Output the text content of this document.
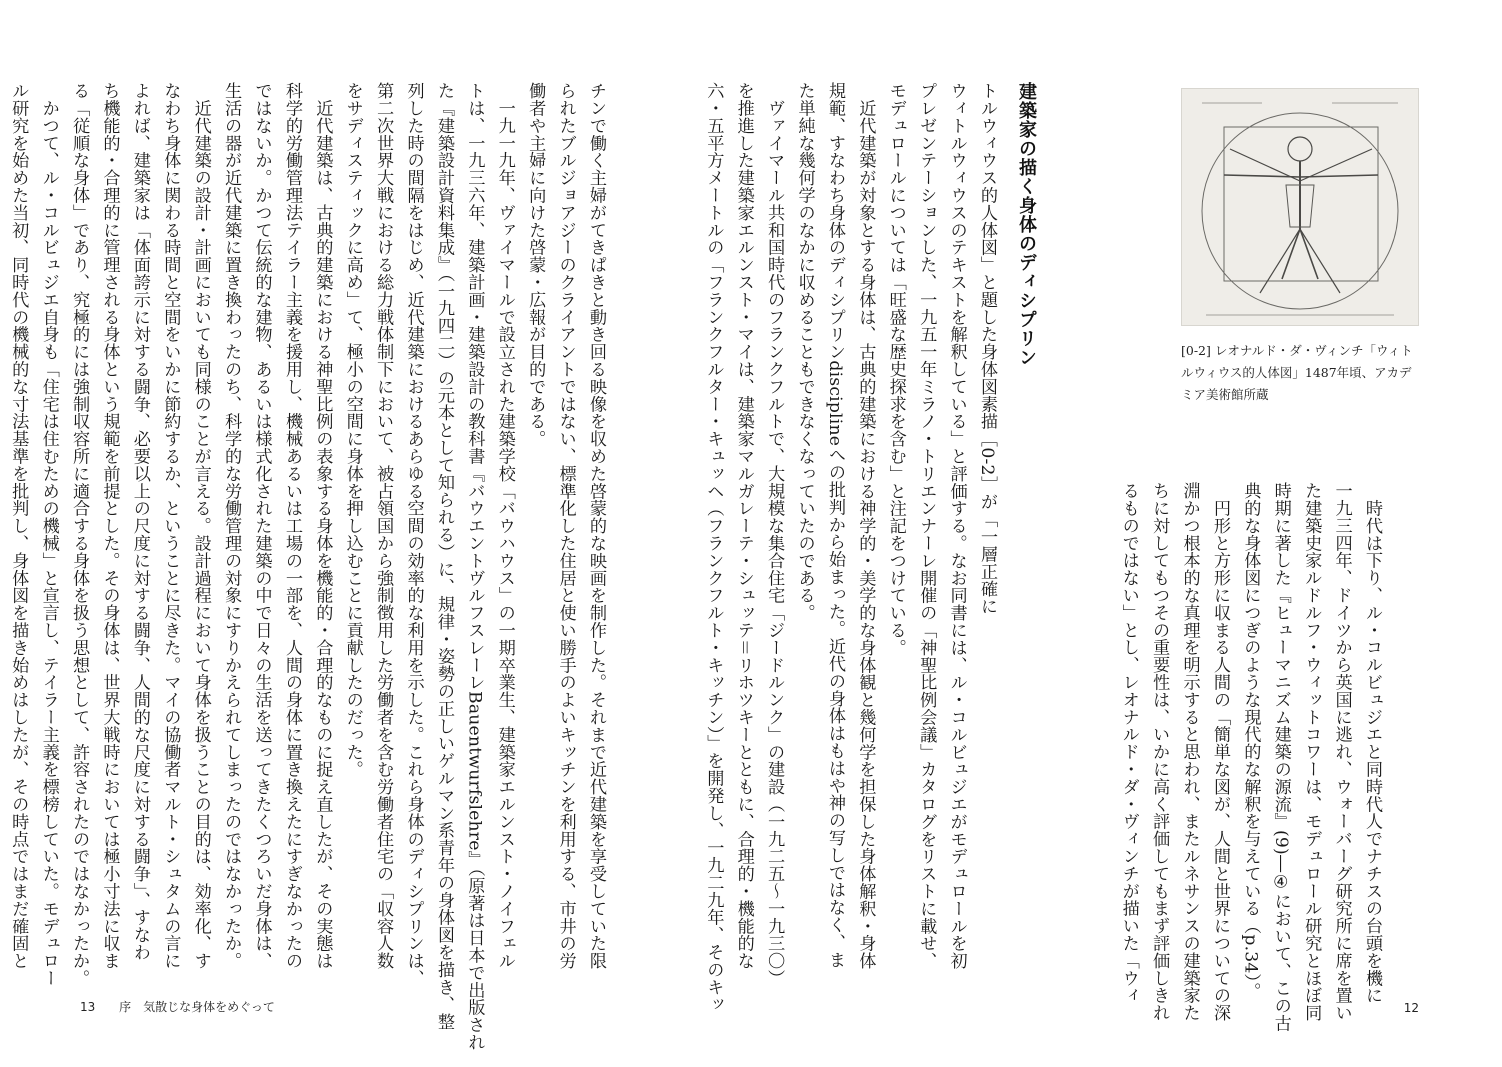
チンで働く主婦がてきぱきと動き回る映像を収めた啓蒙的な映画を制作した。それまで近代建築を享受していた限
られたブルジョアジーのクライアントではない、標準化した住居と使い勝手のよいキッチンを利用する、市井の労
働者や主婦に向けた啓蒙・広報が目的である。
　一九一九年、ヴァイマールで設立された建築学校「バウハウス」の一期卒業生、建築家エルンスト・ノイフェル
トは、一九三六年、建築計画・建築設計の教科書『バウエントヴルフスレーレBauentwurfslehre』（原著は日本で出版され
た『建築設計資料集成』（一九四二）の元本として知られる）に、規律・姿勢の正しいゲルマン系青年の身体図を描き、整
列した時の間隔をはじめ、近代建築におけるあらゆる空間の効率的な利用を示した。これら身体のディシプリンは、
第二次世界大戦における総力戦体制下において、被占領国から強制徴用した労働者を含む労働者住宅の「収容人数
をサディスティックに高め」て、極小の空間に身体を押し込むことに貢献したのだった。
　近代建築は、古典的建築における神聖比例の表象する身体を機能的・合理的なものに捉え直したが、その実態は
科学的労働管理法テイラー主義を援用し、機械あるいは工場の一部を、人間の身体に置き換えたにすぎなかったの
ではないか。かつて伝統的な建物、あるいは様式化された建築の中で日々の生活を送ってきたくつろいだ身体は、
生活の器が近代建築に置き換わったのち、科学的な労働管理の対象にすりかえられてしまったのではなかったか。
　近代建築の設計・計画においても同様のことが言える。設計過程において身体を扱うことの目的は、効率化、す
なわち身体に関わる時間と空間をいかに節約するか、ということに尽きた。マイの協働者マルト・シュタムの言に
よれば、建築家は「体面誇示に対する闘争、必要以上の尺度に対する闘争、人間的な尺度に対する闘争」、すなわ
ち機能的・合理的に管理される身体という規範を前提とした。その身体は、世界大戦時においては極小寸法に収ま
る「従順な身体」であり、究極的には強制収容所に適合する身体を扱う思想として、許容されたのではなかったか。
　かつて、ル・コルビュジエ自身も「住宅は住むための機械」と宣言し、テイラー主義を標榜していた。モデュロー
ル研究を始めた当初、同時代の機械的な寸法基準を批判し、身体図を描き始めはしたが、その時点ではまだ確固と
13 序　気散じな身体をめぐって
[0-2] レオナルド・ダ・ヴィンチ「ウィトルウィウス的人体図」1487年頃、アカデミア美術館所蔵
　時代は下り、ル・コルビュジエと同時代人でナチスの台頭を機に
一九三四年、ドイツから英国に逃れ、ウォーバーグ研究所に席を置い
た建築史家ルドルフ・ウィットコワーは、モデュロール研究とほぼ同
時期に著した『ヒューマニズム建築の源流』(9)―④において、この古
典的な身体図につぎのような現代的な解釈を与えている（p.34）。
　円形と方形に収まる人間の「簡単な図が、人間と世界についての深
淵かつ根本的な真理を明示すると思われ、またルネサンスの建築家た
ちに対してもつその重要性は、いかに高く評価してもまず評価しきれ
るものではない」とし、レオナルド・ダ・ヴィンチが描いた「ウィ
トルウィウス的人体図」と題した身体図素描［0-2］が「一層正確に
ウィトルウィウスのテキストを解釈している」と評価する。なお同書には、ル・コルビュジエがモデュロールを初
プレゼンテーションした、一九五一年ミラノ・トリエンナーレ開催の「神聖比例会議」カタログをリストに載せ、
モデュロールについては「旺盛な歴史探求を含む」と注記をつけている。
　近代建築が対象とする身体は、古典的建築における神学的・美学的な身体観と幾何学を担保した身体解釈・身体
規範、すなわち身体のディシプリンdisciplineへの批判から始まった。近代の身体はもはや神の写しではなく、ま
た単純な幾何学のなかに収めることもできなくなっていたのである。
　ヴァイマール共和国時代のフランクフルトで、大規模な集合住宅「ジードルンク」の建設（一九二五〜一九三〇）
を推進した建築家エルンスト・マイは、建築家マルガレーテ・シュッテ＝リホツキーとともに、合理的・機能的な
六・五平方メートルの「フランクフルター・キュッヘ（フランクフルト・キッチン）」を開発し、一九二九年、そのキッ	建築家の描く身体のディシプリン
12
